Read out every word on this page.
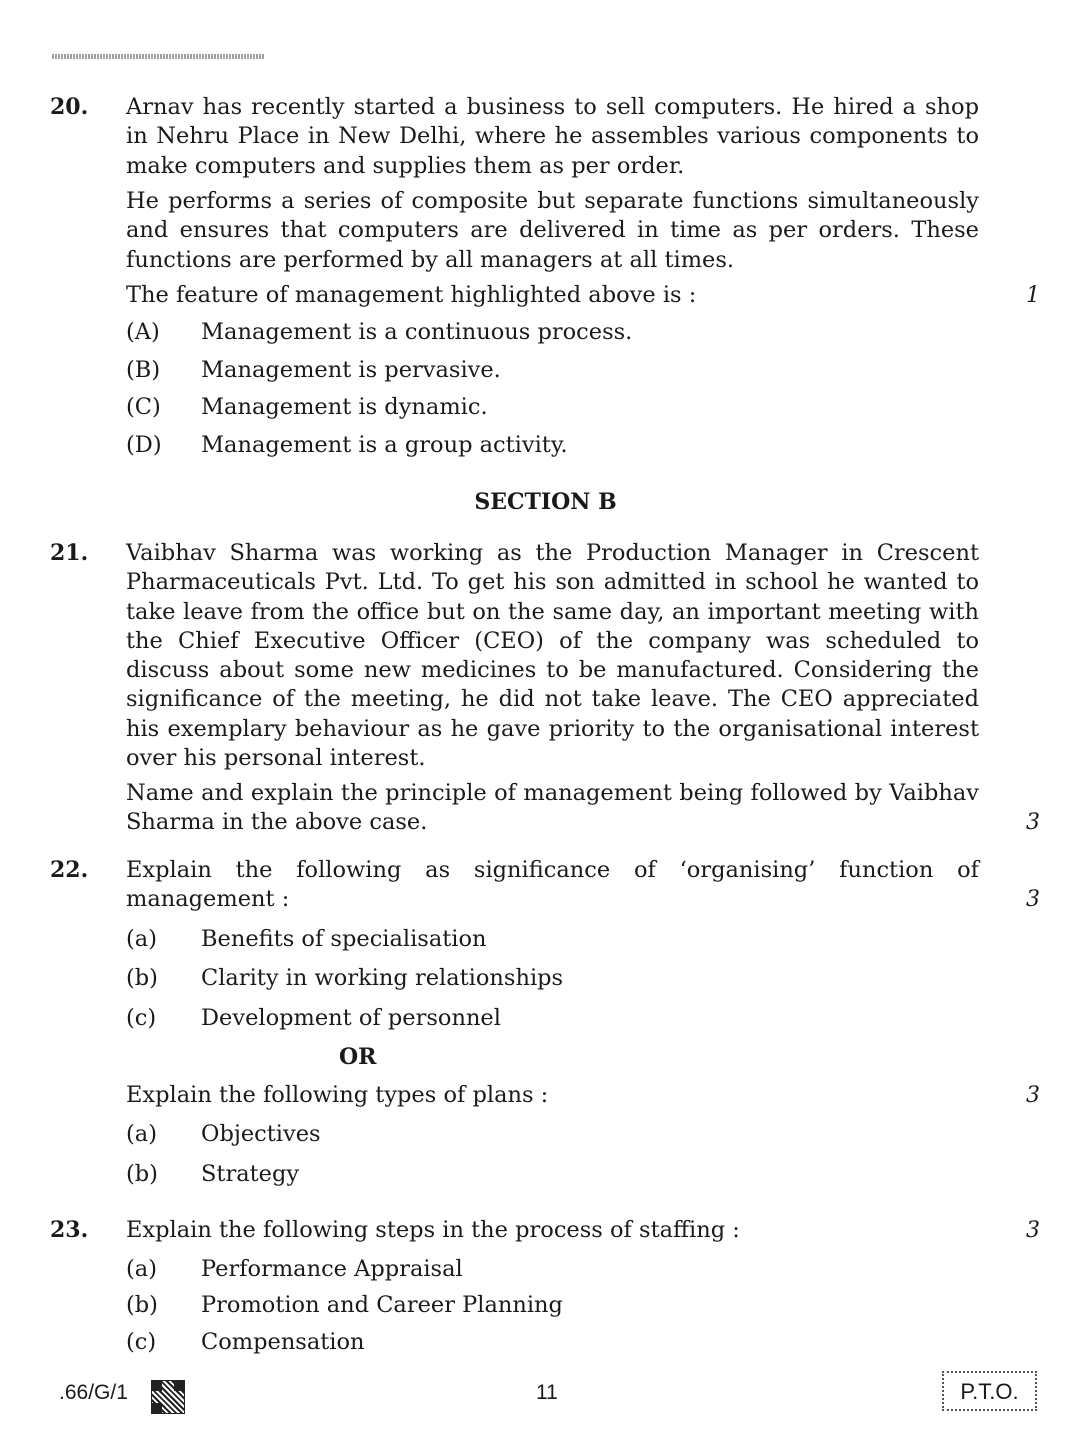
20. Arnav has recently started a business to sell computers. He hired a shop in Nehru Place in New Delhi, where he assembles various components to make computers and supplies them as per order.
He performs a series of composite but separate functions simultaneously and ensures that computers are delivered in time as per orders. These functions are performed by all managers at all times.
The feature of management highlighted above is :	1
(A) Management is a continuous process.
(B) Management is pervasive.
(C) Management is dynamic.
(D) Management is a group activity.
SECTION B
21. Vaibhav Sharma was working as the Production Manager in Crescent Pharmaceuticals Pvt. Ltd. To get his son admitted in school he wanted to take leave from the office but on the same day, an important meeting with the Chief Executive Officer (CEO) of the company was scheduled to discuss about some new medicines to be manufactured. Considering the significance of the meeting, he did not take leave. The CEO appreciated his exemplary behaviour as he gave priority to the organisational interest over his personal interest.
Name and explain the principle of management being followed by Vaibhav Sharma in the above case.	3
22. Explain the following as significance of ‘organising’ function of management :	3
(a) Benefits of specialisation
(b) Clarity in working relationships
(c) Development of personnel
Explain the following types of plans :	3
(a) Objectives
(b) Strategy
OR
23. Explain the following steps in the process of staffing :	3
(a) Performance Appraisal
(b) Promotion and Career Planning
(c) Compensation
.66/G/1	11	P.T.O.
